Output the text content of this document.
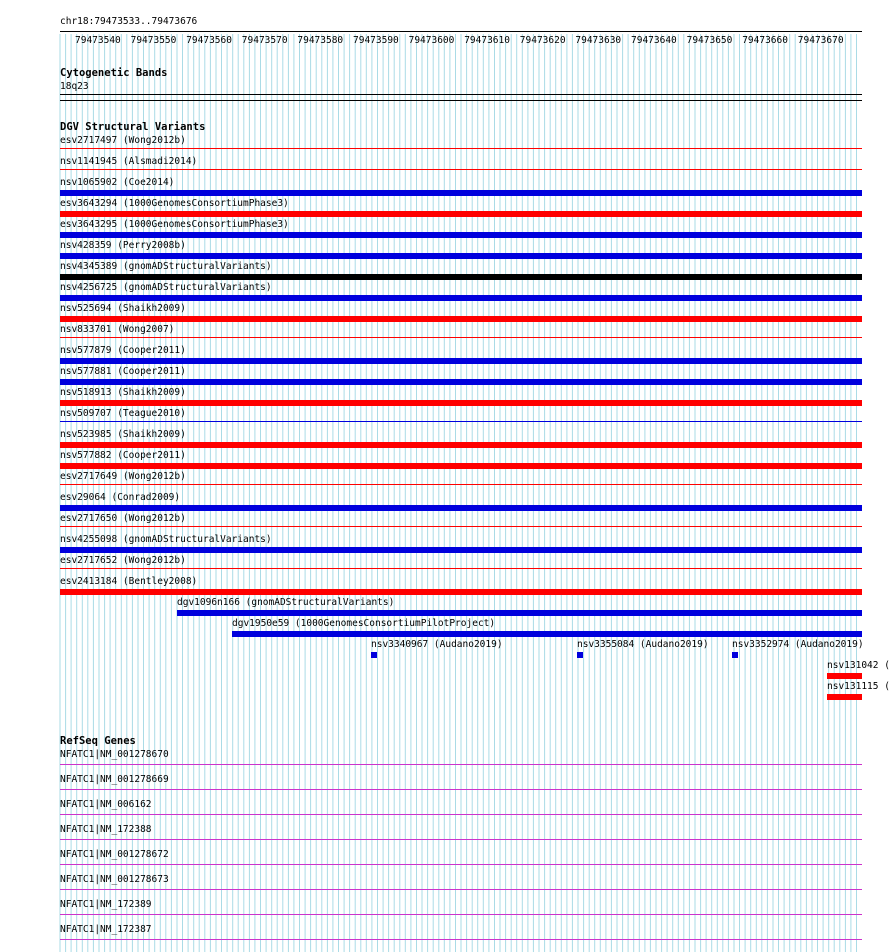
chr18:79473533..79473676
79473540 79473550 79473560 79473570 79473580 79473590 79473600 79473610 79473620 79473630 79473640 79473650 79473660 79473670
Cytogenetic Bands
18q23
DGV Structural Variants
esv2717497 (Wong2012b)
nsv1141945 (Alsmadi2014)
nsv1065902 (Coe2014)
esv3643294 (1000GenomesConsortiumPhase3)
esv3643295 (1000GenomesConsortiumPhase3)
nsv428359 (Perry2008b)
nsv4345389 (gnomADStructuralVariants)
nsv4256725 (gnomADStructuralVariants)
nsv525694 (Shaikh2009)
nsv833701 (Wong2007)
nsv577879 (Cooper2011)
nsv577881 (Cooper2011)
nsv518913 (Shaikh2009)
nsv509707 (Teague2010)
nsv523985 (Shaikh2009)
nsv577882 (Cooper2011)
esv2717649 (Wong2012b)
esv29064 (Conrad2009)
esv2717650 (Wong2012b)
nsv4255098 (gnomADStructuralVariants)
esv2717652 (Wong2012b)
esv2413184 (Bentley2008)
dgv1096n166 (gnomADStructuralVariants)
dgv1950e59 (1000GenomesConsortiumPilotProject)
nsv3340967 (Audano2019)	nsv3355084 (Audano2019) nsv3352974 (Audano2019)
nsv131042 (
nsv131115 (
RefSeq Genes
NFATC1|NM_001278670
NFATC1|NM_001278669
NFATC1|NM_006162
NFATC1|NM_172388
NFATC1|NM_001278672
NFATC1|NM_001278673
NFATC1|NM_172389
NFATC1|NM_172387
